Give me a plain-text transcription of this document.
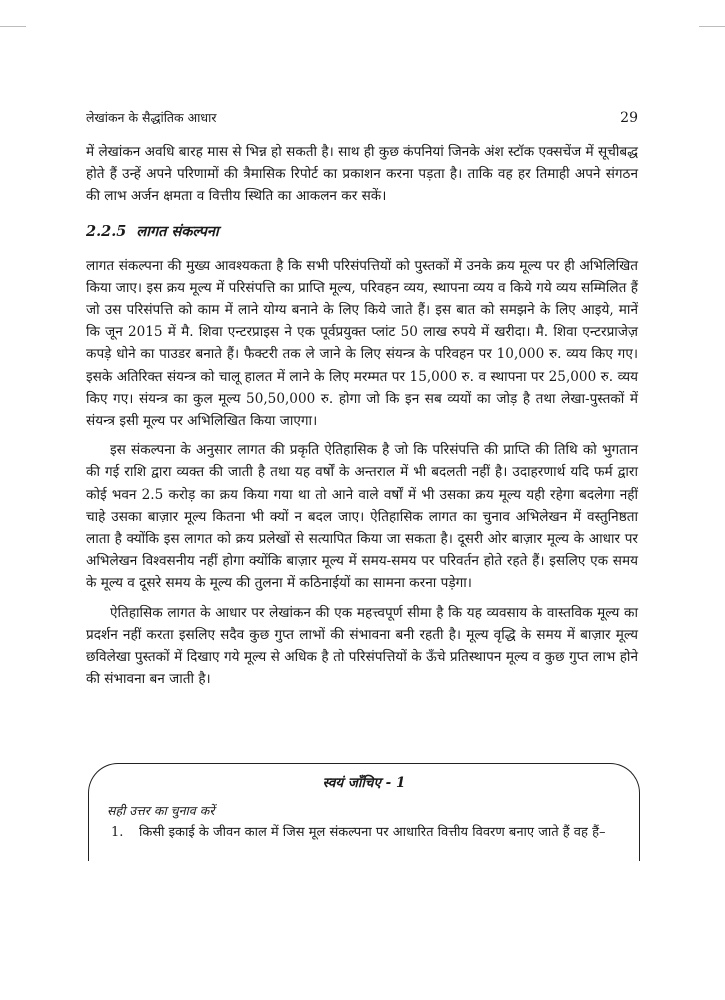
लेखांकन के सैद्धांतिक आधार	29

में लेखांकन अवधि बारह मास से भिन्न हो सकती है। साथ ही कुछ कंपनियां जिनके अंश स्टॉक एक्सचेंज में सूचीबद्ध होते हैं उन्हें अपने परिणामों की त्रैमासिक रिपोर्ट का प्रकाशन करना पड़ता है। ताकि वह हर तिमाही अपने संगठन की लाभ अर्जन क्षमता व वित्तीय स्थिति का आकलन कर सकें।

2.2.5 लागत संकल्पना

लागत संकल्पना की मुख्य आवश्यकता है कि सभी परिसंपत्तियों को पुस्तकों में उनके क्रय मूल्य पर ही अभिलिखित किया जाए। इस क्रय मूल्य में परिसंपत्ति का प्राप्ति मूल्य, परिवहन व्यय, स्थापना व्यय व किये गये व्यय सम्मिलित हैं जो उस परिसंपत्ति को काम में लाने योग्य बनाने के लिए किये जाते हैं। इस बात को समझने के लिए आइये, मानें कि जून 2015 में मै. शिवा एन्टरप्राइस ने एक पूर्वप्रयुक्त प्लांट 50 लाख रुपये में खरीदा। मै. शिवा एन्टरप्राजेज़ कपड़े धोने का पाउडर बनाते हैं। फैक्टरी तक ले जाने के लिए संयन्त्र के परिवहन पर 10,000 रु. व्यय किए गए। इसके अतिरिक्त संयन्त्र को चालू हालत में लाने के लिए मरम्मत पर 15,000 रु. व स्थापना पर 25,000 रु. व्यय किए गए। संयन्त्र का कुल मूल्य 50,50,000 रु. होगा जो कि इन सब व्ययों का जोड़ है तथा लेखा-पुस्तकों में संयन्त्र इसी मूल्य पर अभिलिखित किया जाएगा।

इस संकल्पना के अनुसार लागत की प्रकृति ऐतिहासिक है जो कि परिसंपत्ति की प्राप्ति की तिथि को भुगतान की गई राशि द्वारा व्यक्त की जाती है तथा यह वर्षों के अन्तराल में भी बदलती नहीं है। उदाहरणार्थ यदि फर्म द्वारा कोई भवन 2.5 करोड़ का क्रय किया गया था तो आने वाले वर्षों में भी उसका क्रय मूल्य यही रहेगा बदलेगा नहीं चाहे उसका बाज़ार मूल्य कितना भी क्यों न बदल जाए। ऐतिहासिक लागत का चुनाव अभिलेखन में वस्तुनिष्ठता लाता है क्योंकि इस लागत को क्रय प्रलेखों से सत्यापित किया जा सकता है। दूसरी ओर बाज़ार मूल्य के आधार पर अभिलेखन विश्वसनीय नहीं होगा क्योंकि बाज़ार मूल्य में समय-समय पर परिवर्तन होते रहते हैं। इसलिए एक समय के मूल्य व दूसरे समय के मूल्य की तुलना में कठिनाईयों का सामना करना पड़ेगा।

ऐतिहासिक लागत के आधार पर लेखांकन की एक महत्त्वपूर्ण सीमा है कि यह व्यवसाय के वास्तविक मूल्य का प्रदर्शन नहीं करता इसलिए सदैव कुछ गुप्त लाभों की संभावना बनी रहती है। मूल्य वृद्धि के समय में बाज़ार मूल्य छविलेखा पुस्तकों में दिखाए गये मूल्य से अधिक है तो परिसंपत्तियों के ऊँचे प्रतिस्थापन मूल्य व कुछ गुप्त लाभ होने की संभावना बन जाती है।

स्वयं जाँचिए - 1
सही उत्तर का चुनाव करें
1. किसी इकाई के जीवन काल में जिस मूल संकल्पना पर आधारित वित्तीय विवरण बनाए जाते हैं वह हैं–
